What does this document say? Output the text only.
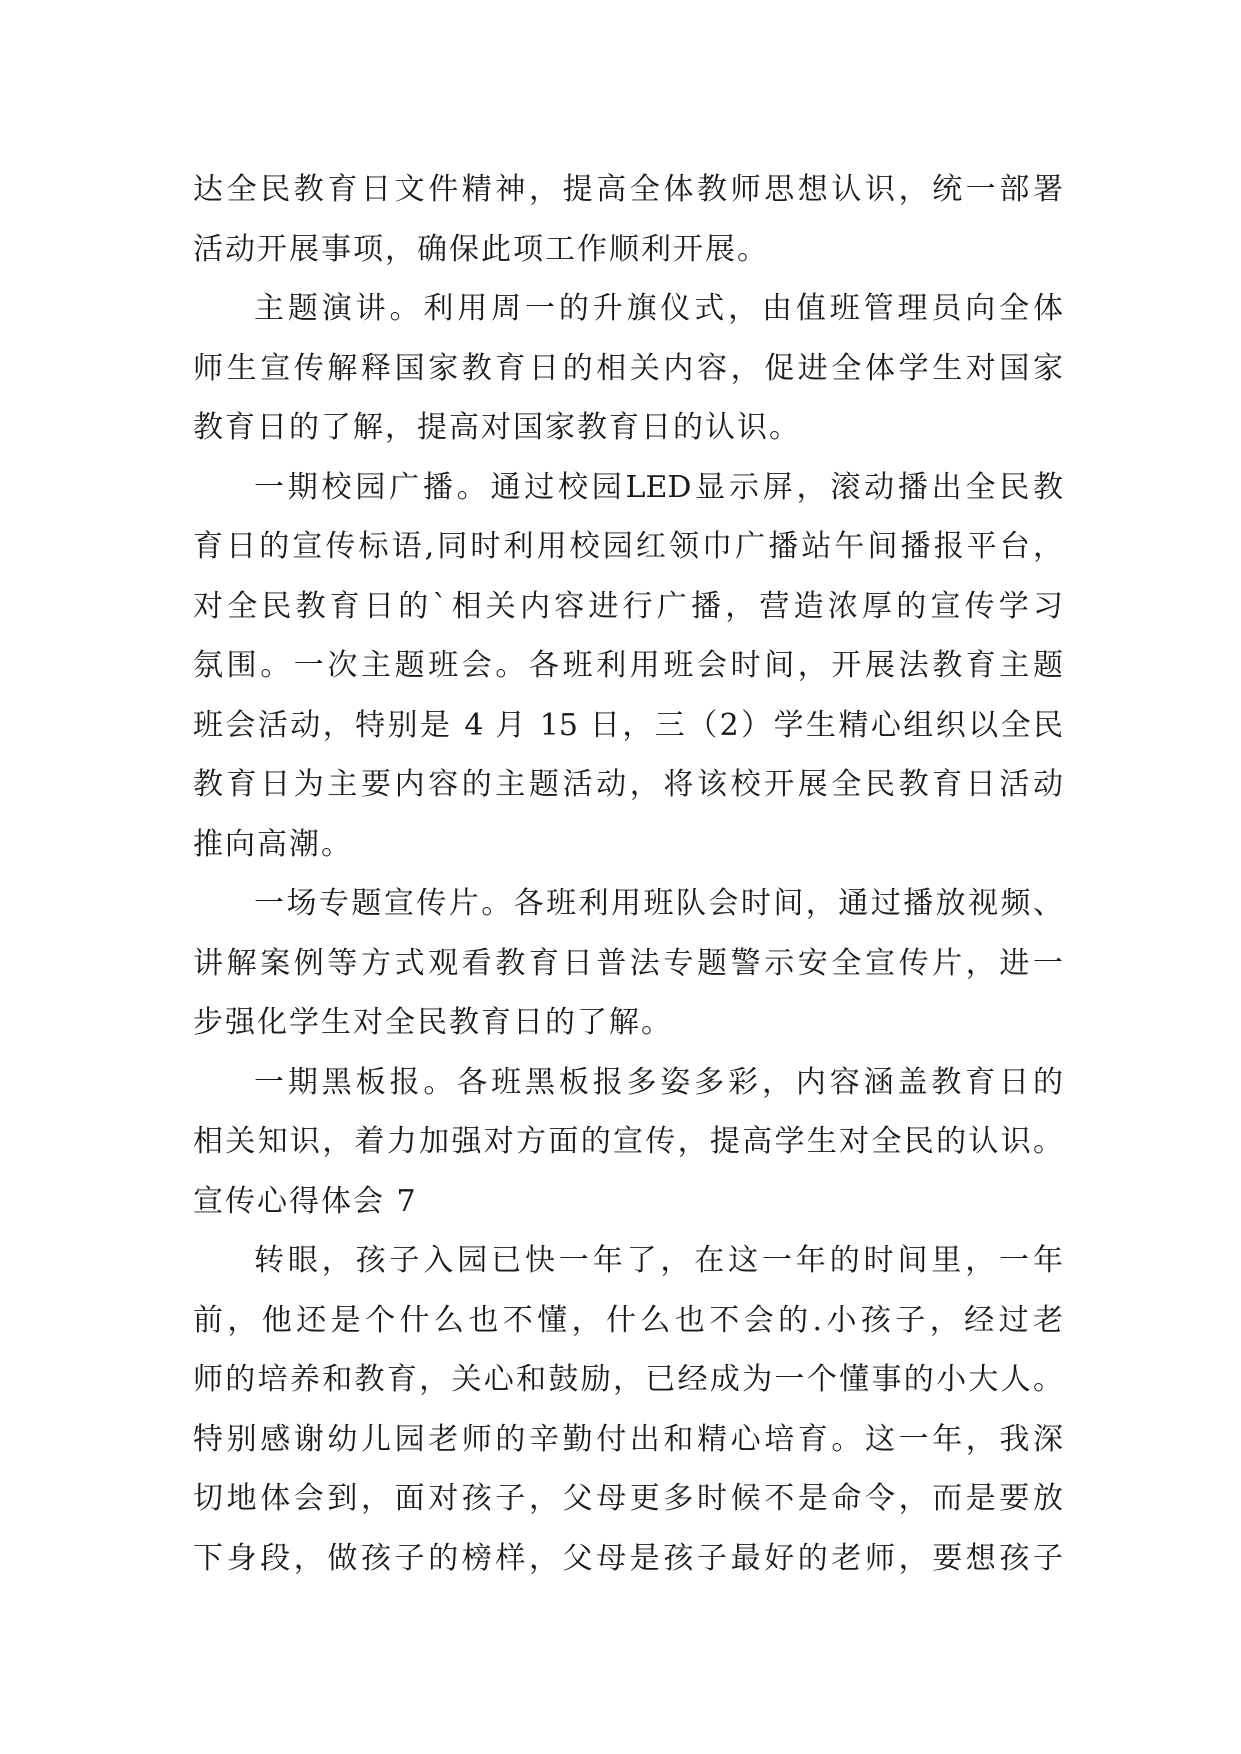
达全民教育日文件精神，提高全体教师思想认识，统一部署
活动开展事项，确保此项工作顺利开展。
主题演讲。利用周一的升旗仪式，由值班管理员向全体
师生宣传解释国家教育日的相关内容，促进全体学生对国家
教育日的了解，提高对国家教育日的认识。
一期校园广播。通过校园LED显示屏，滚动播出全民教
育日的宣传标语,同时利用校园红领巾广播站午间播报平台，
对全民教育日的`相关内容进行广播，营造浓厚的宣传学习
氛围。一次主题班会。各班利用班会时间，开展法教育主题
班会活动，特别是 4 月 15 日，三（2）学生精心组织以全民
教育日为主要内容的主题活动，将该校开展全民教育日活动
推向高潮。
一场专题宣传片。各班利用班队会时间，通过播放视频、
讲解案例等方式观看教育日普法专题警示安全宣传片，进一
步强化学生对全民教育日的了解。
一期黑板报。各班黑板报多姿多彩，内容涵盖教育日的
相关知识，着力加强对方面的宣传，提高学生对全民的认识。
宣传心得体会 7
转眼，孩子入园已快一年了，在这一年的时间里，一年
前，他还是个什么也不懂，什么也不会的.小孩子，经过老
师的培养和教育，关心和鼓励，已经成为一个懂事的小大人。
特别感谢幼儿园老师的辛勤付出和精心培育。这一年，我深
切地体会到，面对孩子，父母更多时候不是命令，而是要放
下身段，做孩子的榜样，父母是孩子最好的老师，要想孩子
